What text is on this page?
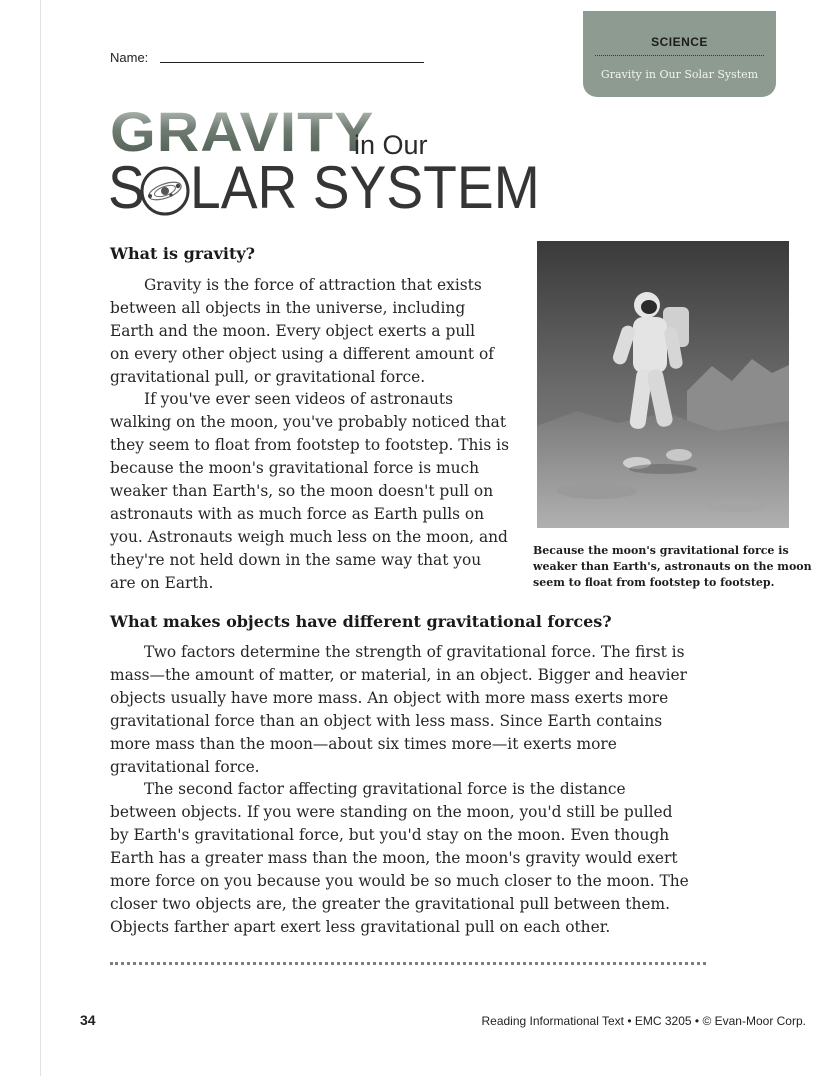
Name:
SCIENCE
Gravity in Our Solar System
GRAVITY
in Our
S LAR SYSTEM
What is gravity?

Gravity is the force of attraction that exists between all objects in the universe, including Earth and the moon. Every object exerts a pull on every other object using a different amount of gravitational pull, or gravitational force.

If you've ever seen videos of astronauts walking on the moon, you've probably noticed that they seem to float from footstep to footstep. This is because the moon's gravitational force is much weaker than Earth's, so the moon doesn't pull on astronauts with as much force as Earth pulls on you. Astronauts weigh much less on the moon, and they're not held down in the same way that you are on Earth.

Because the moon's gravitational force is weaker than Earth's, astronauts on the moon seem to float from footstep to footstep.

What makes objects have different gravitational forces?

Two factors determine the strength of gravitational force. The first is mass—the amount of matter, or material, in an object. Bigger and heavier objects usually have more mass. An object with more mass exerts more gravitational force than an object with less mass. Since Earth contains more mass than the moon—about six times more—it exerts more gravitational force.

The second factor affecting gravitational force is the distance between objects. If you were standing on the moon, you'd still be pulled by Earth's gravitational force, but you'd stay on the moon. Even though Earth has a greater mass than the moon, the moon's gravity would exert more force on you because you would be so much closer to the moon. The closer two objects are, the greater the gravitational pull between them. Objects farther apart exert less gravitational pull on each other.

34	Reading Informational Text • EMC 3205 • © Evan-Moor Corp.
